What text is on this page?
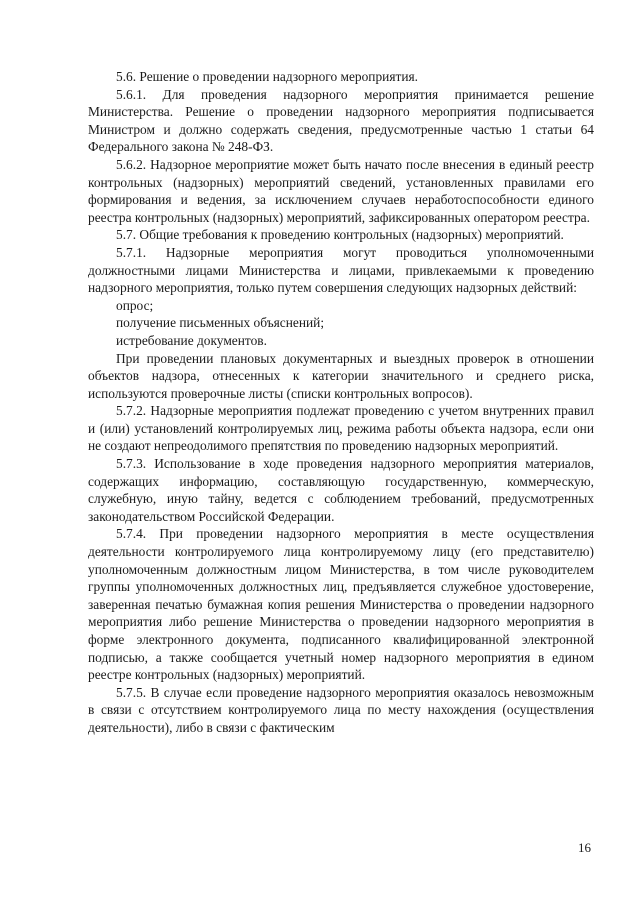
5.6. Решение о проведении надзорного мероприятия.

5.6.1. Для проведения надзорного мероприятия принимается решение Министерства. Решение о проведении надзорного мероприятия подписывается Министром и должно содержать сведения, предусмотренные частью 1 статьи 64 Федерального закона № 248-ФЗ.

5.6.2. Надзорное мероприятие может быть начато после внесения в единый реестр контрольных (надзорных) мероприятий сведений, установленных правилами его формирования и ведения, за исключением случаев неработоспособности единого реестра контрольных (надзорных) мероприятий, зафиксированных оператором реестра.

5.7. Общие требования к проведению контрольных (надзорных) мероприятий.

5.7.1. Надзорные мероприятия могут проводиться уполномоченными должностными лицами Министерства и лицами, привлекаемыми к проведению надзорного мероприятия, только путем совершения следующих надзорных действий:

опрос;

получение письменных объяснений;

истребование документов.

При проведении плановых документарных и выездных проверок в отношении объектов надзора, отнесенных к категории значительного и среднего риска, используются проверочные листы (списки контрольных вопросов).

5.7.2. Надзорные мероприятия подлежат проведению с учетом внутренних правил и (или) установлений контролируемых лиц, режима работы объекта надзора, если они не создают непреодолимого препятствия по проведению надзорных мероприятий.

5.7.3. Использование в ходе проведения надзорного мероприятия материалов, содержащих информацию, составляющую государственную, коммерческую, служебную, иную тайну, ведется с соблюдением требований, предусмотренных законодательством Российской Федерации.

5.7.4. При проведении надзорного мероприятия в месте осуществления деятельности контролируемого лица контролируемому лицу (его представителю) уполномоченным должностным лицом Министерства, в том числе руководителем группы уполномоченных должностных лиц, предъявляется служебное удостоверение, заверенная печатью бумажная копия решения Министерства о проведении надзорного мероприятия либо решение Министерства о проведении надзорного мероприятия в форме электронного документа, подписанного квалифицированной электронной подписью, а также сообщается учетный номер надзорного мероприятия в едином реестре контрольных (надзорных) мероприятий.

5.7.5. В случае если проведение надзорного мероприятия оказалось невозможным в связи с отсутствием контролируемого лица по месту нахождения (осуществления деятельности), либо в связи с фактическим

16
